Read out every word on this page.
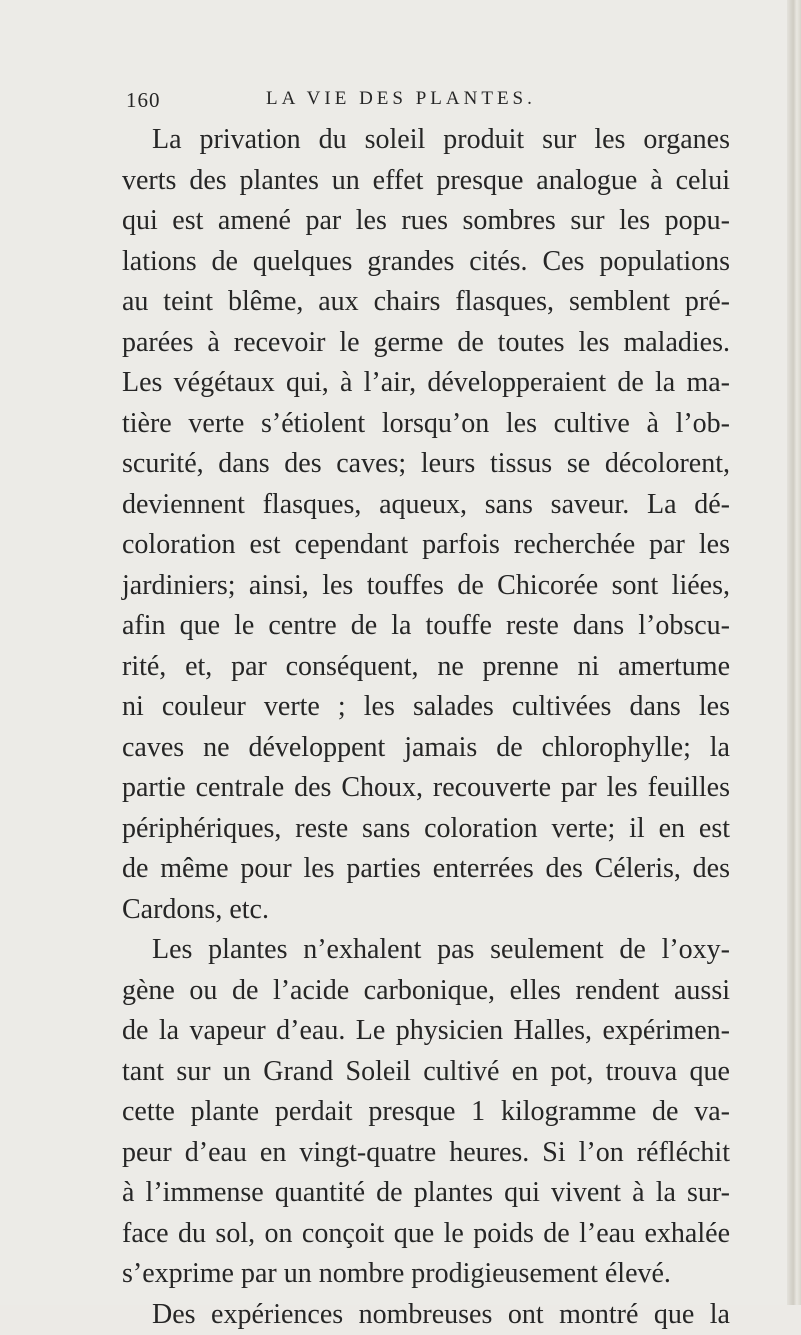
160	LA VIE DES PLANTES.
La privation du soleil produit sur les organes
verts des plantes un effet presque analogue à celui
qui est amené par les rues sombres sur les popu-
lations de quelques grandes cités. Ces populations
au teint blême, aux chairs flasques, semblent pré-
parées à recevoir le germe de toutes les maladies.
Les végétaux qui, à l’air, développeraient de la ma-
tière verte s’étiolent lorsqu’on les cultive à l’ob-
scurité, dans des caves; leurs tissus se décolorent,
deviennent flasques, aqueux, sans saveur. La dé-
coloration est cependant parfois recherchée par les
jardiniers; ainsi, les touffes de Chicorée sont liées,
afin que le centre de la touffe reste dans l’obscu-
rité, et, par conséquent, ne prenne ni amertume
ni couleur verte ; les salades cultivées dans les
caves ne développent jamais de chlorophylle; la
partie centrale des Choux, recouverte par les feuilles
périphériques, reste sans coloration verte; il en est
de même pour les parties enterrées des Céleris, des
Cardons, etc.
Les plantes n’exhalent pas seulement de l’oxy-
gène ou de l’acide carbonique, elles rendent aussi
de la vapeur d’eau. Le physicien Halles, expérimen-
tant sur un Grand Soleil cultivé en pot, trouva que
cette plante perdait presque 1 kilogramme de va-
peur d’eau en vingt-quatre heures. Si l’on réfléchit
à l’immense quantité de plantes qui vivent à la sur-
face du sol, on conçoit que le poids de l’eau exhalée
s’exprime par un nombre prodigieusement élevé.
Des expériences nombreuses ont montré que la
